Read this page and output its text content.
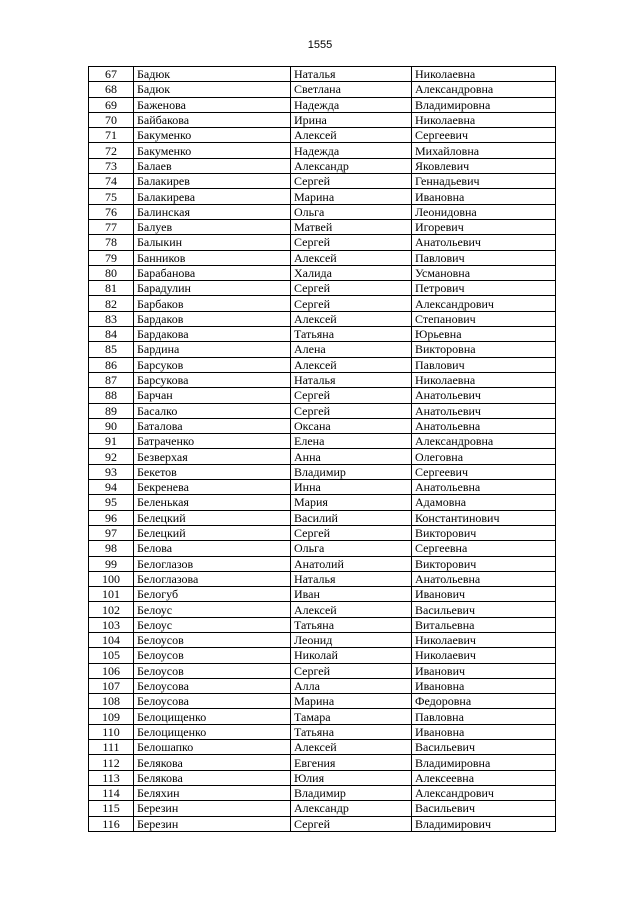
1555
67	Бадюк	Наталья	Николаевна
68	Бадюк	Светлана	Александровна
69	Баженова	Надежда	Владимировна
70	Байбакова	Ирина	Николаевна
71	Бакуменко	Алексей	Сергеевич
72	Бакуменко	Надежда	Михайловна
73	Балаев	Александр	Яковлевич
74	Балакирев	Сергей	Геннадьевич
75	Балакирева	Марина	Ивановна
76	Балинская	Ольга	Леонидовна
77	Балуев	Матвей	Игоревич
78	Балыкин	Сергей	Анатольевич
79	Банников	Алексей	Павлович
80	Барабанова	Халида	Усмановна
81	Барадулин	Сергей	Петрович
82	Барбаков	Сергей	Александрович
83	Бардаков	Алексей	Степанович
84	Бардакова	Татьяна	Юрьевна
85	Бардина	Алена	Викторовна
86	Барсуков	Алексей	Павлович
87	Барсукова	Наталья	Николаевна
88	Барчан	Сергей	Анатольевич
89	Басалко	Сергей	Анатольевич
90	Баталова	Оксана	Анатольевна
91	Батраченко	Елена	Александровна
92	Безверхая	Анна	Олеговна
93	Бекетов	Владимир	Сергеевич
94	Бекренева	Инна	Анатольевна
95	Беленькая	Мария	Адамовна
96	Белецкий	Василий	Константинович
97	Белецкий	Сергей	Викторович
98	Белова	Ольга	Сергеевна
99	Белоглазов	Анатолий	Викторович
100	Белоглазова	Наталья	Анатольевна
101	Белогуб	Иван	Иванович
102	Белоус	Алексей	Васильевич
103	Белоус	Татьяна	Витальевна
104	Белоусов	Леонид	Николаевич
105	Белоусов	Николай	Николаевич
106	Белоусов	Сергей	Иванович
107	Белоусова	Алла	Ивановна
108	Белоусова	Марина	Федоровна
109	Белоцищенко	Тамара	Павловна
110	Белоцищенко	Татьяна	Ивановна
111	Белошапко	Алексей	Васильевич
112	Белякова	Евгения	Владимировна
113	Белякова	Юлия	Алексеевна
114	Беляхин	Владимир	Александрович
115	Березин	Александр	Васильевич
116	Березин	Сергей	Владимирович
